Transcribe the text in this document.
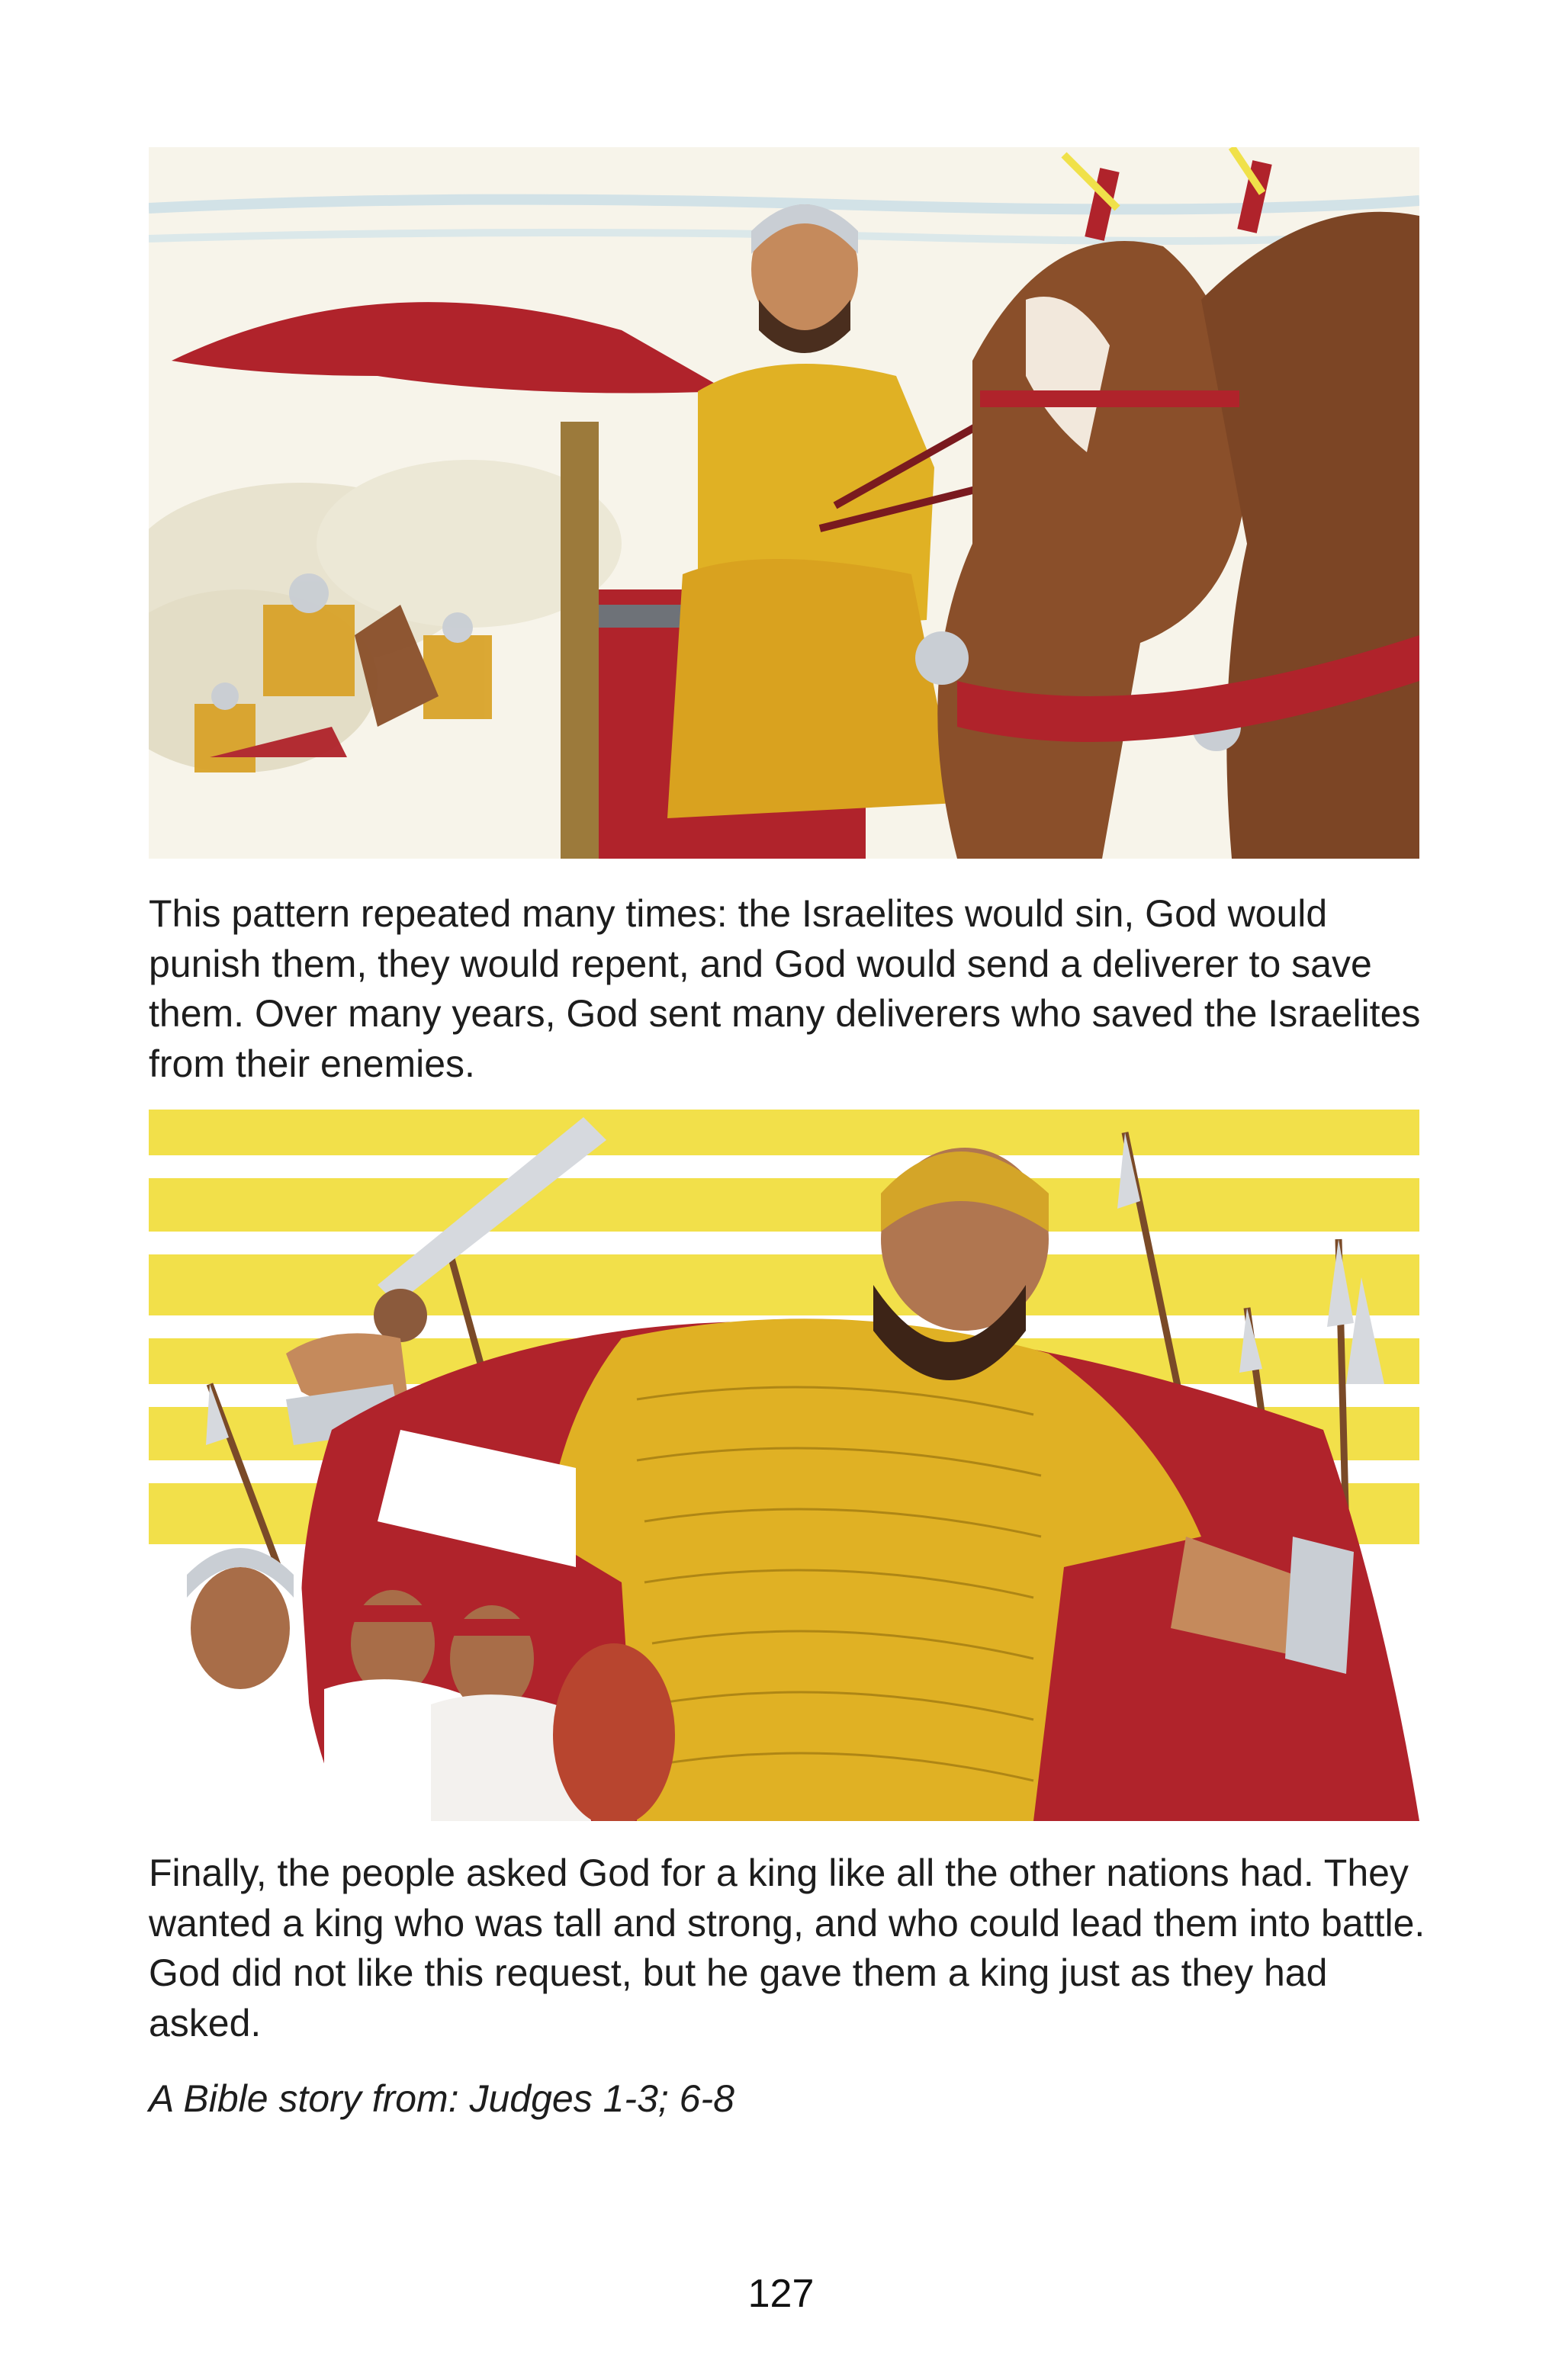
This pattern repeated many times: the Israelites would sin, God would punish them, they would repent, and God would send a deliverer to save them. Over many years, God sent many deliverers who saved the Israelites from their enemies.

Finally, the people asked God for a king like all the other nations had. They wanted a king who was tall and strong, and who could lead them into battle. God did not like this request, but he gave them a king just as they had asked.

A Bible story from: Judges 1-3; 6-8

127
